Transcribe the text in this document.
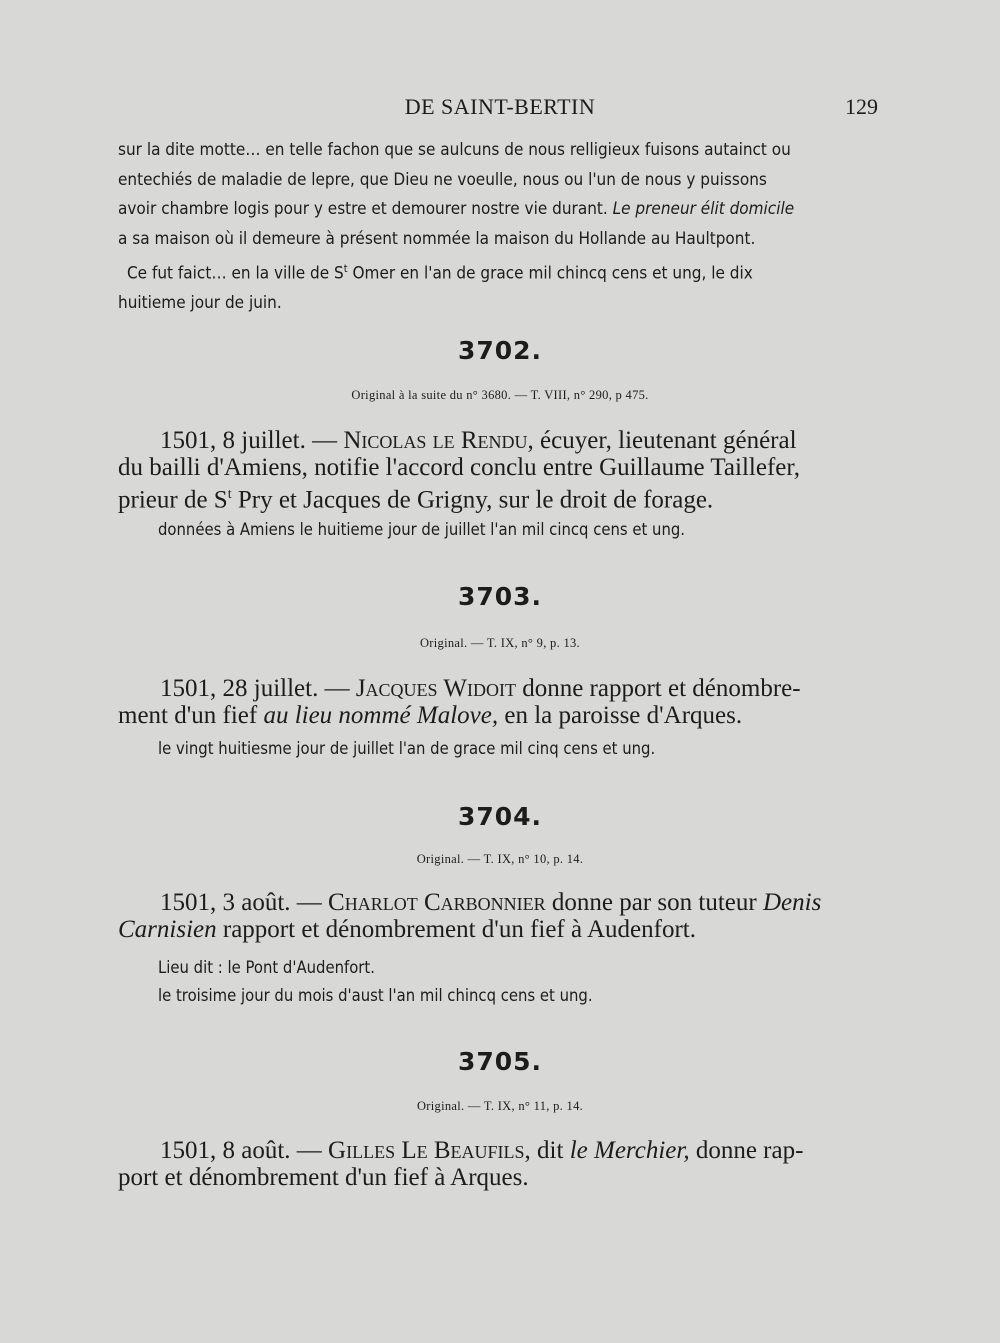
DE SAINT-BERTIN	129

sur la dite motte… en telle fachon que se aulcuns de nous relligieux fuisons autainct ou

entechiés de maladie de lepre, que Dieu ne voeulle, nous ou l'un de nous y puissons

avoir chambre logis pour y estre et demourer nostre vie durant. Le preneur élit domicile

a sa maison où il demeure à présent nommée la maison du Hollande au Haultpont.

Ce fut faict… en la ville de $S^t$ Omer en l'an de grace mil chincq cens et ung, le dix

huitieme jour de juin.

3702.
Original à la suite du n° 3680. — T. VIII, n° 290, p 475.

1501, 8 juillet. — Nicolas le Rendu, écuyer, lieutenant général

du bailli d'Amiens, notifie l'accord conclu entre Guillaume Taillefer,

prieur de $S^t$ Pry et Jacques de Grigny, sur le droit de forage.

données à Amiens le huitieme jour de juillet l'an mil cincq cens et ung.

3703.
Original. — T. IX, n° 9, p. 13.

1501, 28 juillet. — Jacques Widoit donne rapport et dénombre-

ment d'un fief au lieu nommé Malove, en la paroisse d'Arques.

le vingt huitiesme jour de juillet l'an de grace mil cinq cens et ung.

3704.
Original. — T. IX, n° 10, p. 14.

1501, 3 août. — Charlot Carbonnier donne par son tuteur Denis

Carnisien rapport et dénombrement d'un fief à Audenfort.

Lieu dit : le Pont d'Audenfort.

le troisime jour du mois d'aust l'an mil chincq cens et ung.

3705.
Original. — T. IX, n° 11, p. 14.

1501, 8 août. — Gilles Le Beaufils, dit le Merchier, donne rap-

port et dénombrement d'un fief à Arques.
